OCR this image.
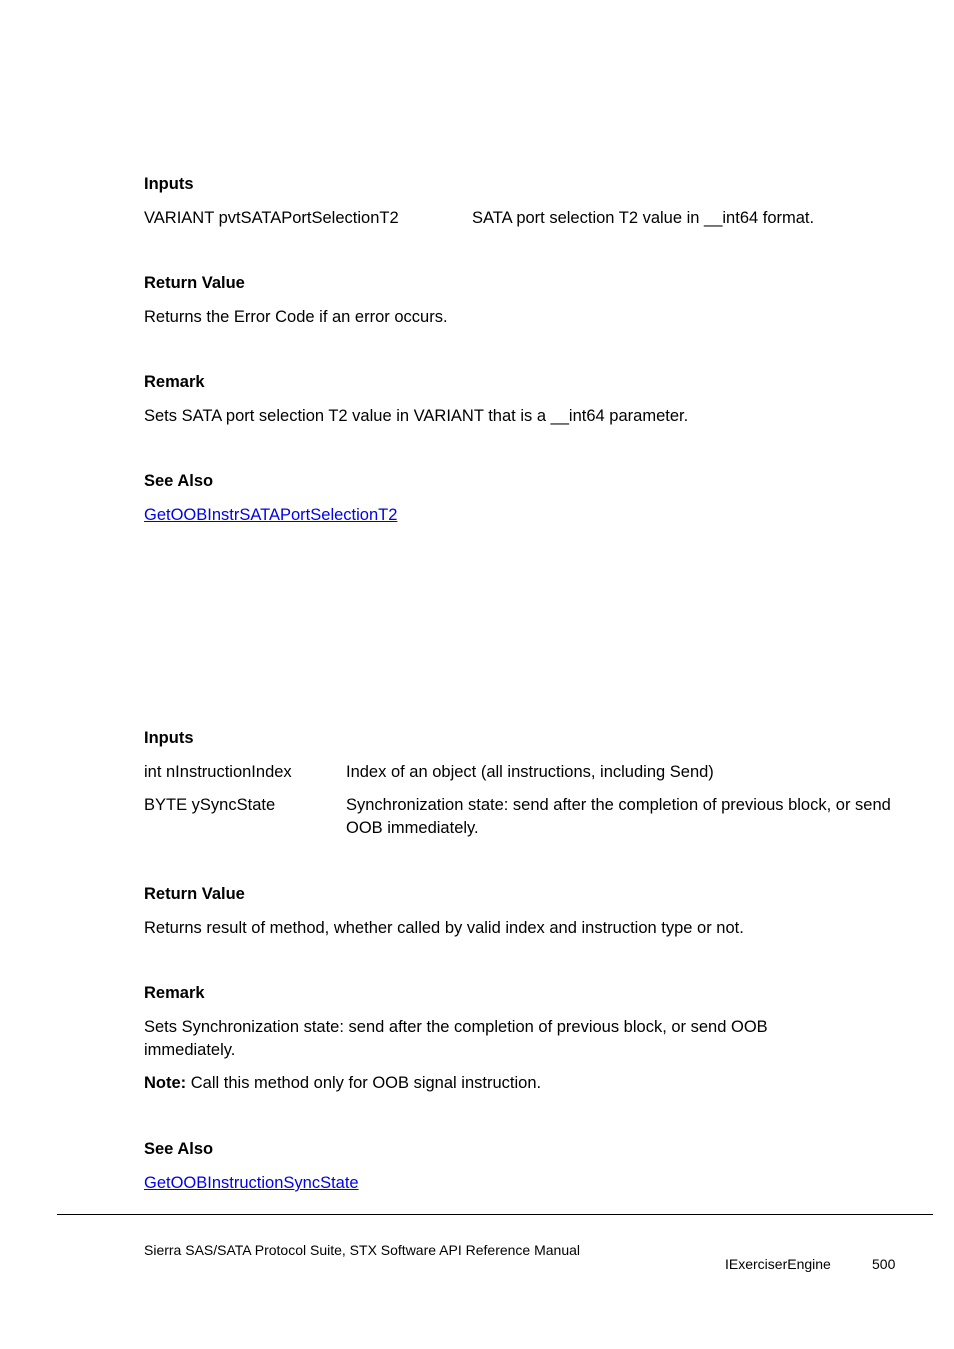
Inputs
VARIANT pvtSATAPortSelectionT2	SATA port selection T2 value in __int64 format.
Return Value
Returns the Error Code if an error occurs.
Remark
Sets SATA port selection T2 value in VARIANT that is a __int64 parameter.
See Also
GetOOBInstrSATAPortSelectionT2
Inputs
int nInstructionIndex	Index of an object (all instructions, including Send)
BYTE ySyncState	Synchronization state: send after the completion of previous block, or send OOB immediately.
Return Value
Returns result of method, whether called by valid index and instruction type or not.
Remark
Sets Synchronization state: send after the completion of previous block, or send OOB immediately.
Note: Call this method only for OOB signal instruction.
See Also
GetOOBInstructionSyncState
Sierra SAS/SATA Protocol Suite, STX Software API Reference Manual
IExerciserEngine	500
